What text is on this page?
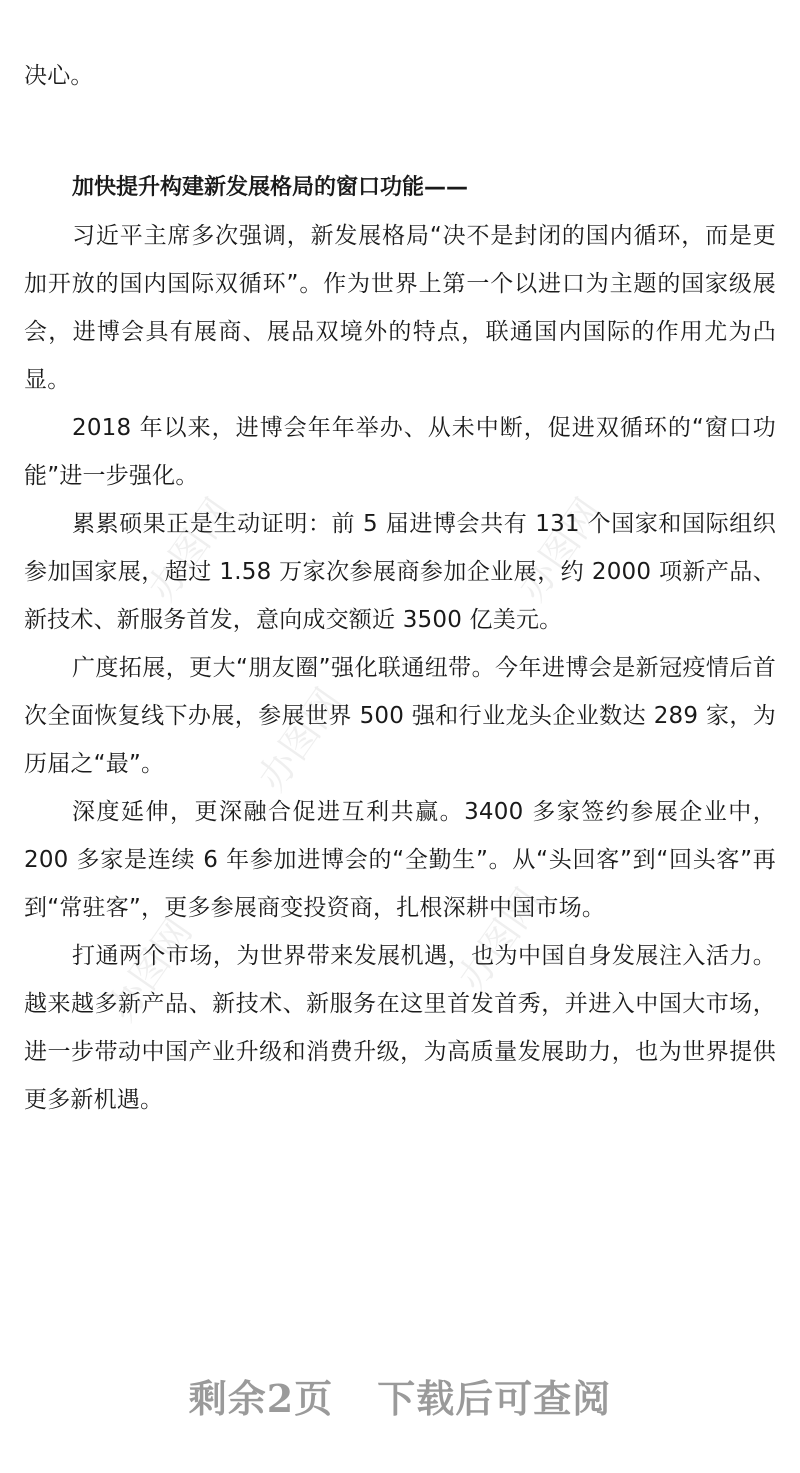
办图网	办图网
办图网
办图网	办图网

决心。

加快提升构建新发展格局的窗口功能——

习近平主席多次强调，新发展格局“决不是封闭的国内循环，而是更加开放的国内国际双循环”。作为世界上第一个以进口为主题的国家级展会，进博会具有展商、展品双境外的特点，联通国内国际的作用尤为凸显。

2018 年以来，进博会年年举办、从未中断，促进双循环的“窗口功能”进一步强化。

累累硕果正是生动证明：前 5 届进博会共有 131 个国家和国际组织参加国家展，超过 1.58 万家次参展商参加企业展，约 2000 项新产品、新技术、新服务首发，意向成交额近 3500 亿美元。

广度拓展，更大“朋友圈”强化联通纽带。今年进博会是新冠疫情后首次全面恢复线下办展，参展世界 500 强和行业龙头企业数达 289 家，为历届之“最”。

深度延伸，更深融合促进互利共赢。3400 多家签约参展企业中，200 多家是连续 6 年参加进博会的“全勤生”。从“头回客”到“回头客”再到“常驻客”，更多参展商变投资商，扎根深耕中国市场。

打通两个市场，为世界带来发展机遇，也为中国自身发展注入活力。越来越多新产品、新技术、新服务在这里首发首秀，并进入中国大市场，进一步带动中国产业升级和消费升级，为高质量发展助力，也为世界提供更多新机遇。

剩余2页 下载后可查阅
